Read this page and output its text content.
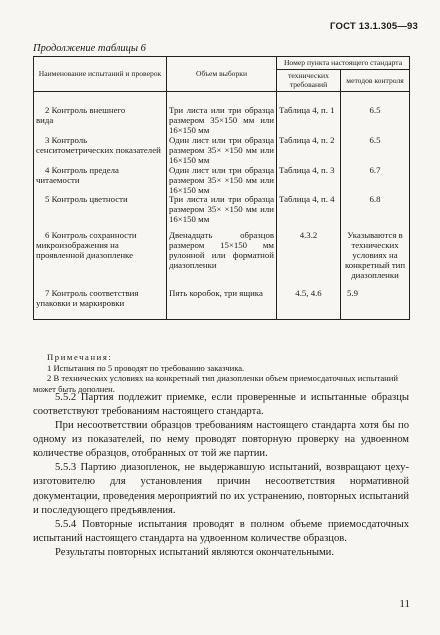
ГОСТ 13.1.305—93
Продолжение таблицы 6
Наименование испытаний и проверок	Объем выборки	Номер пункта настоящего стандарта	
		технических требований	методов контроля

2 Контроль внешнего
вида	Три листа или три образца размером 35×150 мм или 16×150 мм	Таблица 4, п. 1	6.5

3 Контроль сенситометрических показателей	Один лист или три образца размером 35× ×150 мм или 16×150 мм	Таблица 4, п. 2	6.5

4 Контроль предела читаемости	Один лист или три образца размером 35× ×150 мм или 16×150 мм	Таблица 4, п. 3	6.7

5 Контроль цветности	Три листа или три образца размером 35× ×150 мм или 16×150 мм	Таблица 4, п. 4	6.8

6 Контроль сохранности микроизображения на проявленной диазопленке	Двенадцать образцов размером 15×150 мм рулонной или форматной диазопленки	4.3.2	Указываются в технических условиях на конкретный тип диазопленки

7 Контроль соответствия упаковки и маркировки	Пять коробок, три ящика	4.5, 4.6	5.9

Примечания:

1 Испытания по 5 проводят по требованию заказчика.

2 В технических условиях на конкретный тип диазопленки объем приемосдаточных испытаний может быть дополнен.

5.5.2 Партия подлежит приемке, если проверенные и испытанные образцы соответствуют требованиям настоящего стандарта.

При несоответствии образцов требованиям настоящего стандарта хотя бы по одному из показателей, по нему проводят повторную проверку на удвоенном количестве образцов, отобранных от той же партии.

5.5.3 Партию диазопленок, не выдержавшую испытаний, возвращают цеху-изготовителю для установления причин несоответствия нормативной документации, проведения мероприятий по их устранению, повторных испытаний и последующего предъявления.

5.5.4 Повторные испытания проводят в полном объеме приемосдаточных испытаний настоящего стандарта на удвоенном количестве образцов.

Результаты повторных испытаний являются окончательными.

11
